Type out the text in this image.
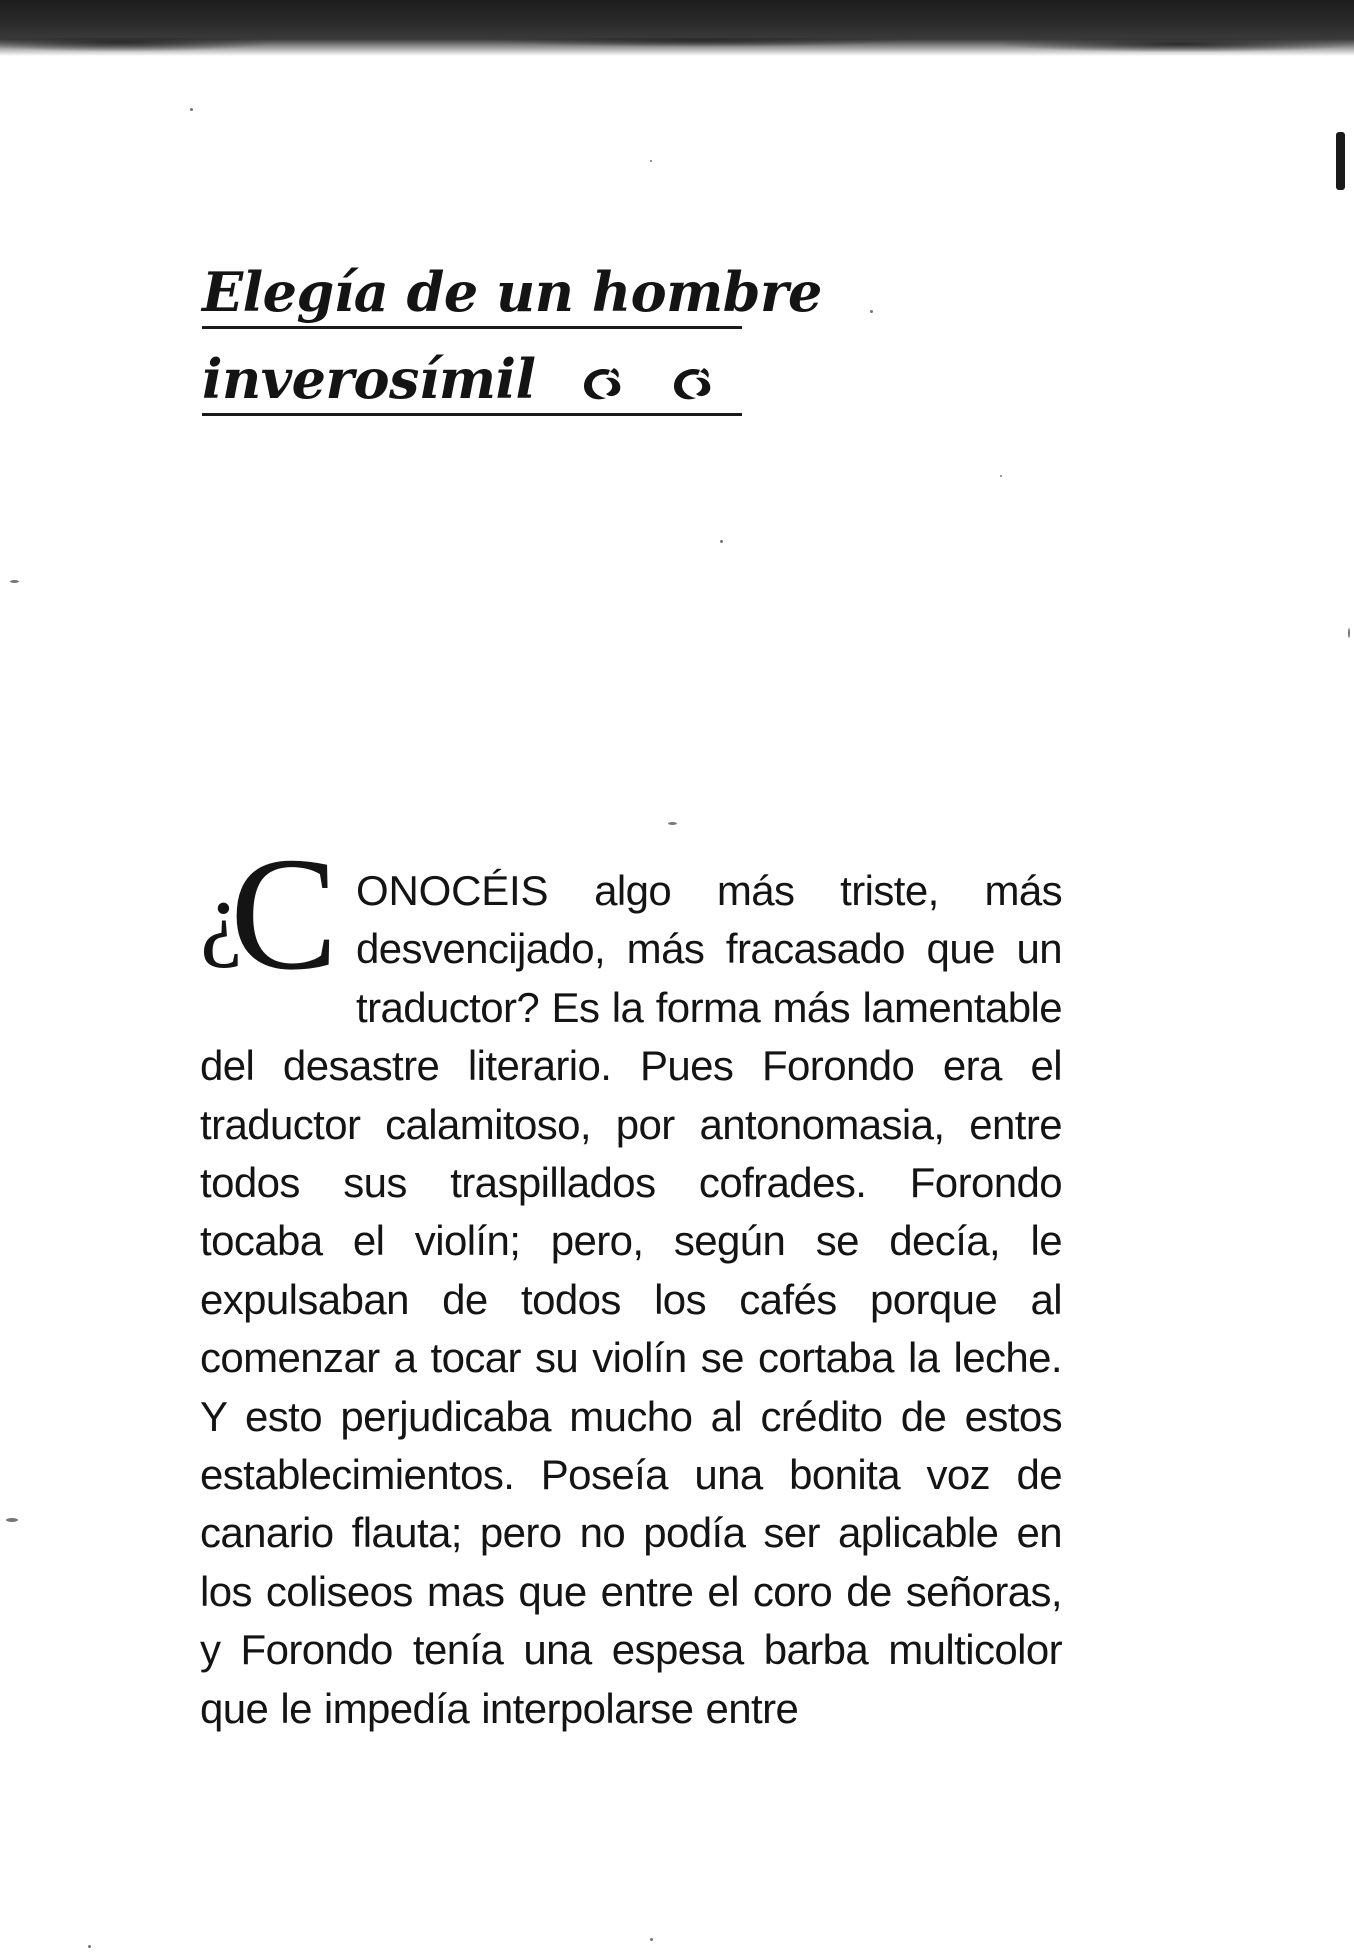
Elegía de un hombre
inverosímil

¿
C ONOCÉIS algo más triste, más desvencijado, más fracasado que un traductor? Es la forma más lamentable del desastre literario. Pues Forondo era el traductor calamitoso, por antonomasia, entre todos sus traspillados cofrades. Forondo tocaba el violín; pero, según se decía, le expulsaban de todos los cafés porque al comenzar a tocar su violín se cortaba la leche. Y esto perjudicaba mucho al crédito de estos establecimientos. Poseía una bonita voz de canario flauta; pero no podía ser aplicable en los coliseos mas que entre el coro de señoras, y Forondo tenía una espesa barba multicolor que le impedía interpolarse entre
